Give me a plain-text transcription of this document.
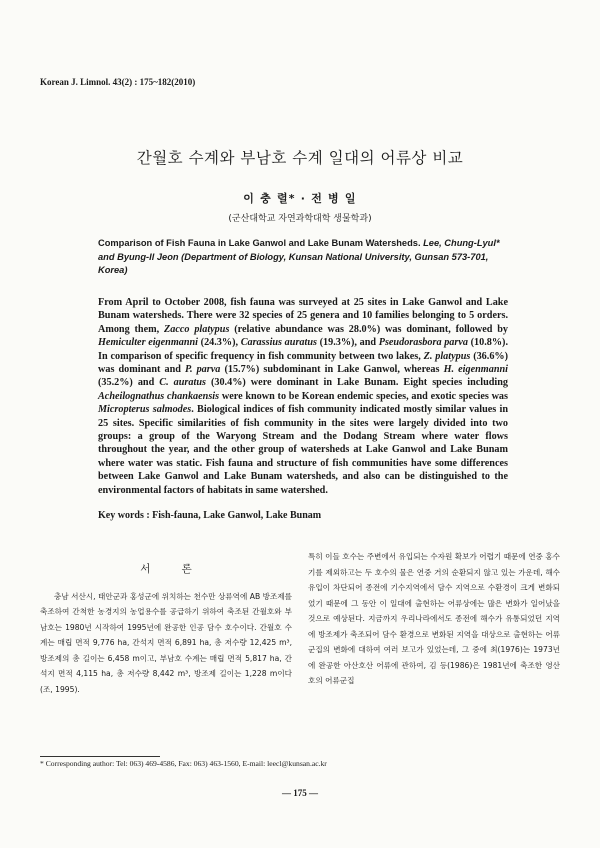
Korean J. Limnol. 43(2) : 175~182(2010)
간월호 수계와 부남호 수계 일대의 어류상 비교
이 충 렬* · 전 병 일
(군산대학교 자연과학대학 생물학과)
Comparison of Fish Fauna in Lake Ganwol and Lake Bunam Watersheds. Lee, Chung-Lyul* and Byung-Il Jeon (Department of Biology, Kunsan National University, Gunsan 573-701, Korea)
From April to October 2008, fish fauna was surveyed at 25 sites in Lake Ganwol and Lake Bunam watersheds. There were 32 species of 25 genera and 10 families belonging to 5 orders. Among them, Zacco platypus (relative abundance was 28.0%) was dominant, followed by Hemiculter eigenmanni (24.3%), Carassius auratus (19.3%), and Pseudorasbora parva (10.8%). In comparison of specific frequency in fish community between two lakes, Z. platypus (36.6%) was dominant and P. parva (15.7%) subdominant in Lake Ganwol, whereas H. eigenmanni (35.2%) and C. auratus (30.4%) were dominant in Lake Bunam. Eight species including Acheilognathus chankaensis were known to be Korean endemic species, and exotic species was Micropterus salmodes. Biological indices of fish community indicated mostly similar values in 25 sites. Specific similarities of fish community in the sites were largely divided into two groups: a group of the Waryong Stream and the Dodang Stream where water flows throughout the year, and the other group of watersheds at Lake Ganwol and Lake Bunam where water was static. Fish fauna and structure of fish communities have some differences between Lake Ganwol and Lake Bunam watersheds, and also can be distinguished to the environmental factors of habitats in same watershed.
Key words : Fish-fauna, Lake Ganwol, Lake Bunam
서 론
충남 서산시, 태안군과 홍성군에 위치하는 천수만 상류역에 AB 방조제를 축조하여 간척한 농경지의 농업용수를 공급하기 위하여 축조된 간월호와 부남호는 1980년 시작하여 1995년에 완공한 인공 담수 호수이다. 간월호 수계는 매립 면적 9,776 ha, 간석지 면적 6,891 ha, 총 저수량 12,425 m³, 방조제의 총 길이는 6,458 m이고, 부남호 수계는 매립 면적 5,817 ha, 간석지 면적 4,115 ha, 총 저수량 8,442 m³, 방조제 길이는 1,228 m이다(조, 1995).
특히 이들 호수는 주변에서 유입되는 수자원 확보가 어렵기 때문에 연중 홍수기를 제외하고는 두 호수의 물은 연중 거의 순환되지 않고 있는 가운데, 해수 유입이 차단되어 종전에 기수지역에서 담수 지역으로 수환경이 크게 변화되었기 때문에 그 동안 이 일대에 출현하는 어류상에는 많은 변화가 일어났을 것으로 예상된다. 지금까지 우리나라에서도 종전에 해수가 유통되었던 지역에 방조제가 축조되어 담수 환경으로 변화된 지역을 대상으로 출현하는 어류 군집의 변화에 대하여 여러 보고가 있었는데, 그 중에 최(1976)는 1973년에 완공한 아산호산 어류에 관하여, 김 등(1986)은 1981년에 축조한 영산호의 어류군집
* Corresponding author: Tel: 063) 469-4586, Fax: 063) 463-1560, E-mail: leecl@kunsan.ac.kr
— 175 —
